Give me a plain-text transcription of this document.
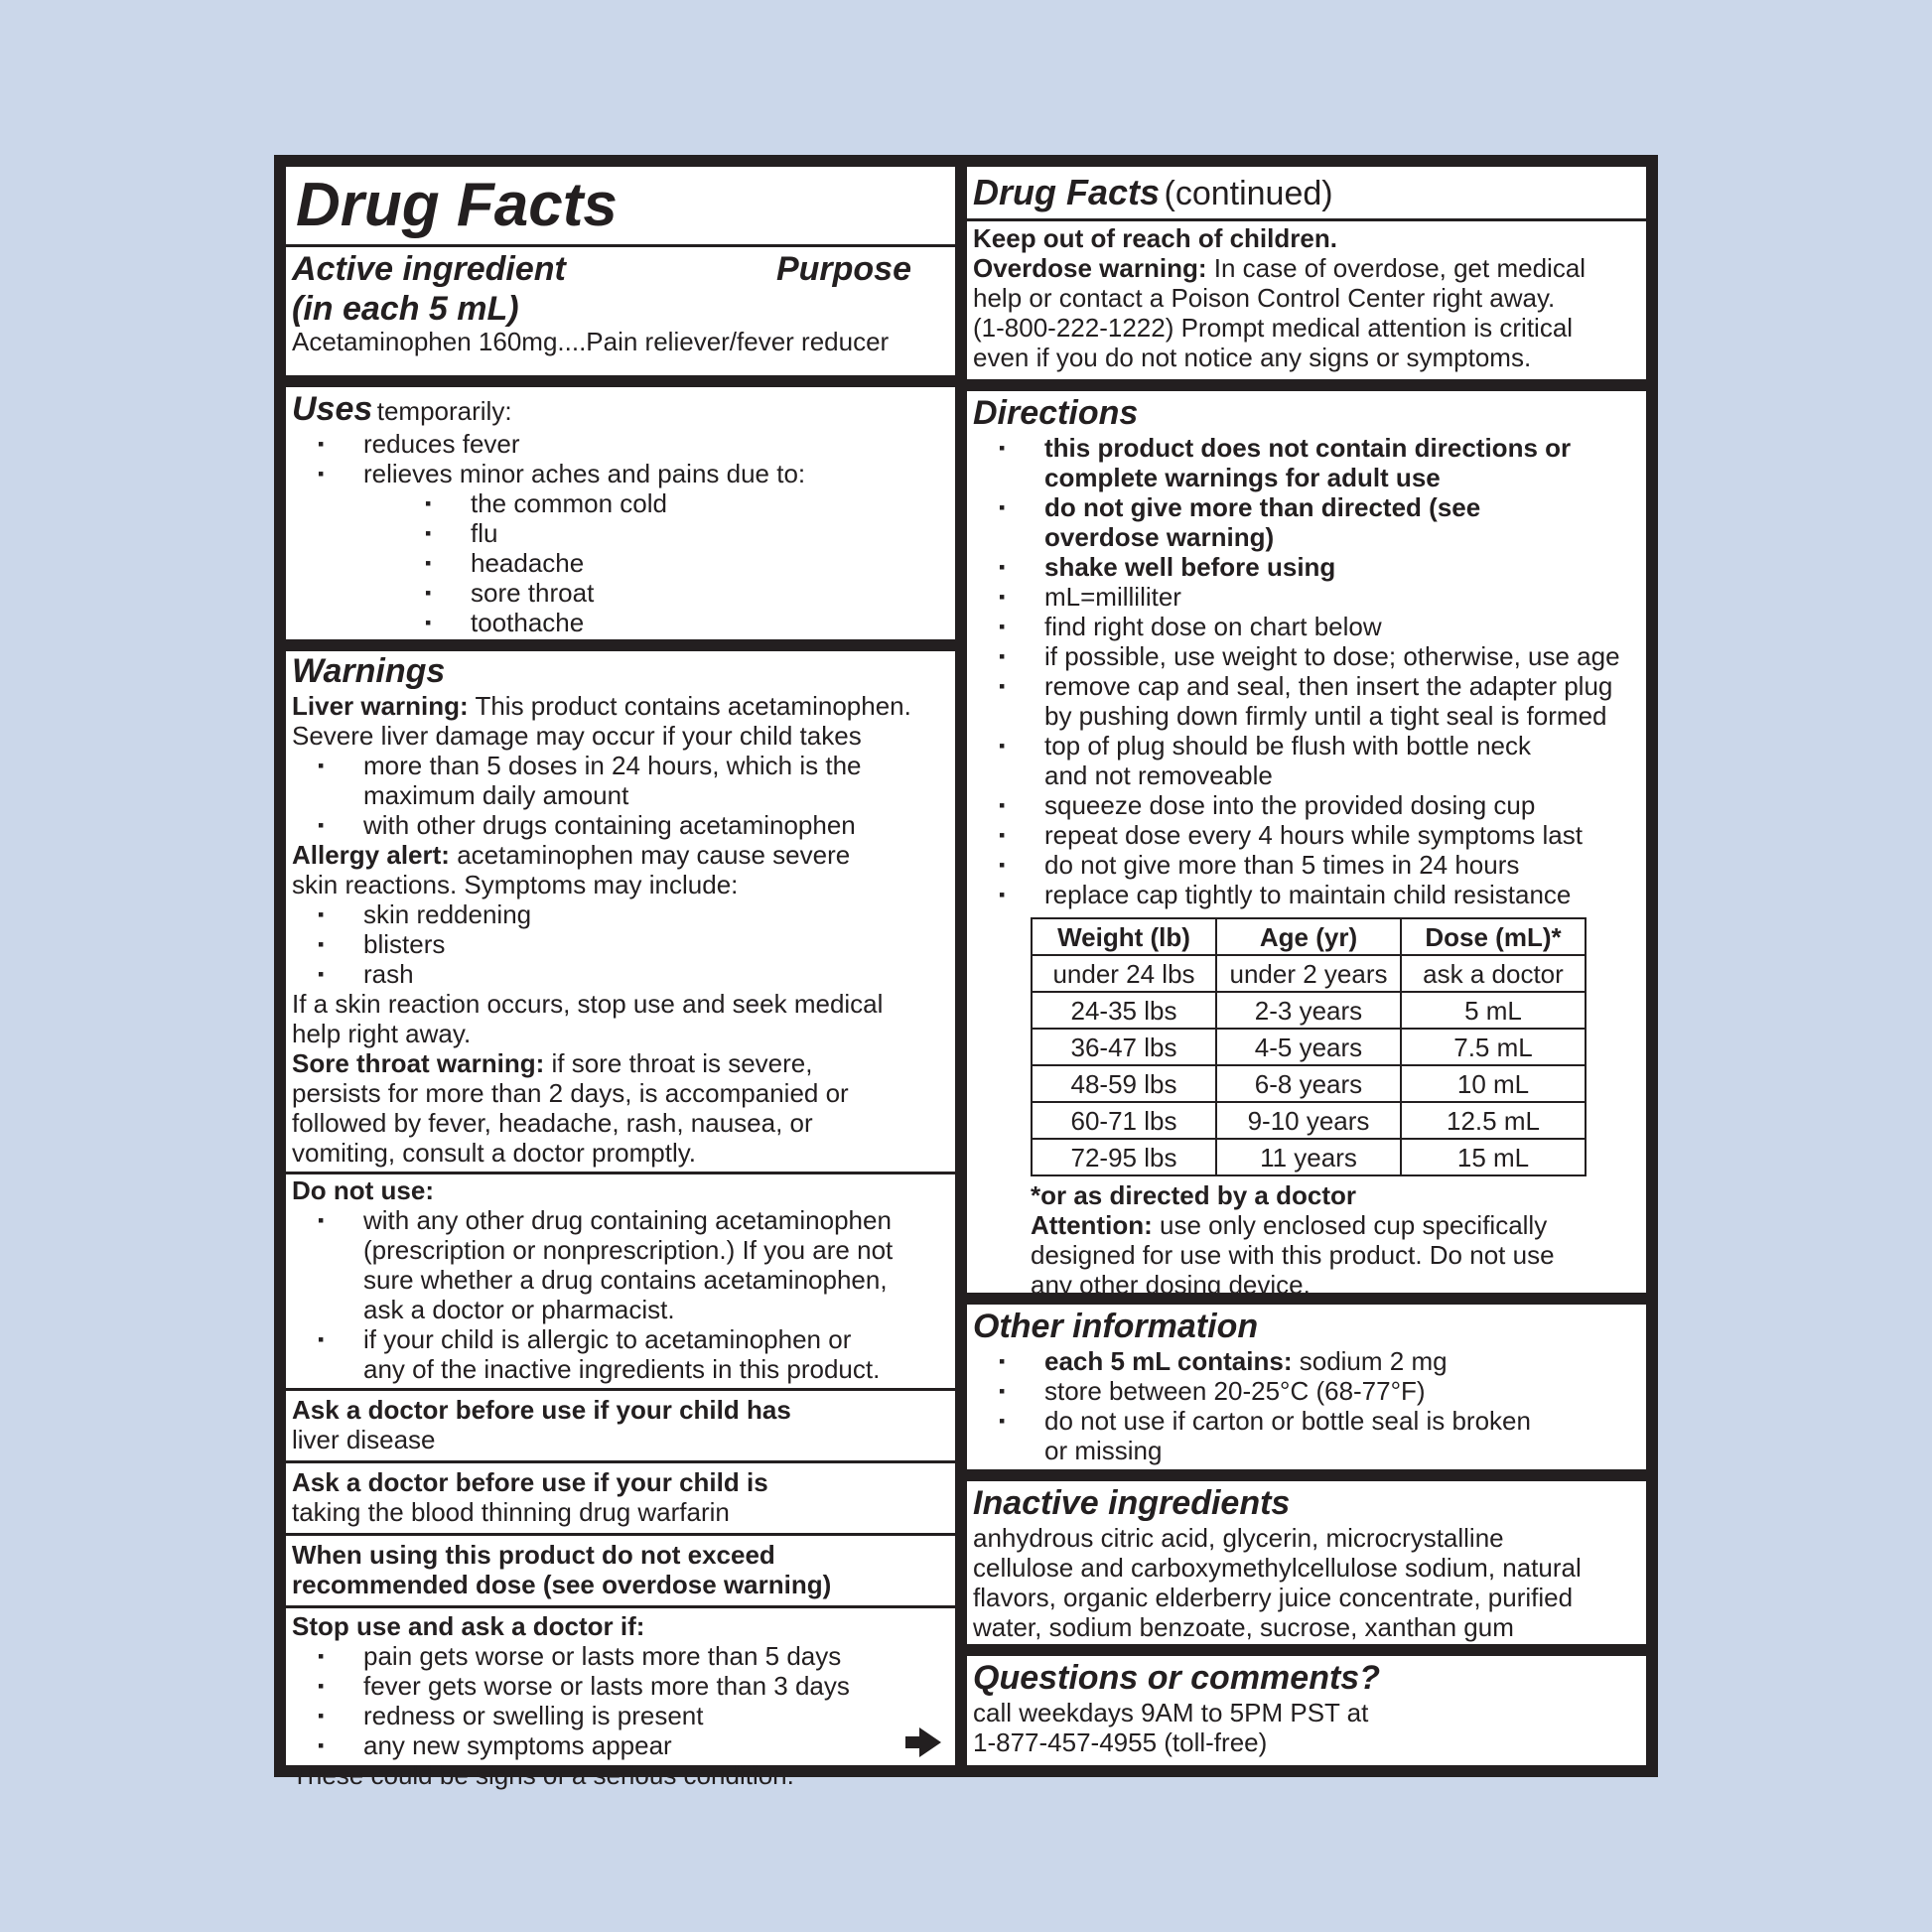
Drug Facts
Active ingredient
(in each 5 mL)
Purpose
Acetaminophen 160mg....Pain reliever/fever reducer
Uses temporarily:
▪ reduces fever
▪ relieves minor aches and pains due to:
▪ the common cold
▪ flu
▪ headache
▪ sore throat
▪ toothache
Warnings
Liver warning: This product contains acetaminophen.
Severe liver damage may occur if your child takes
▪ more than 5 doses in 24 hours, which is the
maximum daily amount
▪ with other drugs containing acetaminophen
Allergy alert: acetaminophen may cause severe
skin reactions. Symptoms may include:
▪ skin reddening
▪ blisters
▪ rash
If a skin reaction occurs, stop use and seek medical
help right away.
Sore throat warning: if sore throat is severe,
persists for more than 2 days, is accompanied or
followed by fever, headache, rash, nausea, or
vomiting, consult a doctor promptly.
Do not use:
▪ with any other drug containing acetaminophen
(prescription or nonprescription.) If you are not
sure whether a drug contains acetaminophen,
ask a doctor or pharmacist.
▪ if your child is allergic to acetaminophen or
any of the inactive ingredients in this product.
Ask a doctor before use if your child has
liver disease
Ask a doctor before use if your child is
taking the blood thinning drug warfarin
When using this product do not exceed
recommended dose (see overdose warning)
Stop use and ask a doctor if:
▪ pain gets worse or lasts more than 5 days
▪ fever gets worse or lasts more than 3 days
▪ redness or swelling is present
▪ any new symptoms appear
These could be signs of a serious condition.
Drug Facts (continued)
Keep out of reach of children.
Overdose warning: In case of overdose, get medical
help or contact a Poison Control Center right away.
(1-800-222-1222) Prompt medical attention is critical
even if you do not notice any signs or symptoms.
Directions
▪ this product does not contain directions or
complete warnings for adult use
▪ do not give more than directed (see
overdose warning)
▪ shake well before using
▪ mL=milliliter
▪ find right dose on chart below
▪ if possible, use weight to dose; otherwise, use age
▪ remove cap and seal, then insert the adapter plug
by pushing down firmly until a tight seal is formed
▪ top of plug should be flush with bottle neck
and not removeable
▪ squeeze dose into the provided dosing cup
▪ repeat dose every 4 hours while symptoms last
▪ do not give more than 5 times in 24 hours
▪ replace cap tightly to maintain child resistance
Weight (lb)	Age (yr)	Dose (mL)*
under 24 lbs	under 2 years	ask a doctor
24-35 lbs	2-3 years	5 mL
36-47 lbs	4-5 years	7.5 mL
48-59 lbs	6-8 years	10 mL
60-71 lbs	9-10 years	12.5 mL
72-95 lbs	11 years	15 mL
*or as directed by a doctor
Attention: use only enclosed cup specifically
designed for use with this product. Do not use
any other dosing device.
Other information
▪ each 5 mL contains: sodium 2 mg
▪ store between 20-25°C (68-77°F)
▪ do not use if carton or bottle seal is broken
or missing
Inactive ingredients
anhydrous citric acid, glycerin, microcrystalline
cellulose and carboxymethylcellulose sodium, natural
flavors, organic elderberry juice concentrate, purified
water, sodium benzoate, sucrose, xanthan gum
Questions or comments?
call weekdays 9AM to 5PM PST at
1-877-457-4955 (toll-free)
